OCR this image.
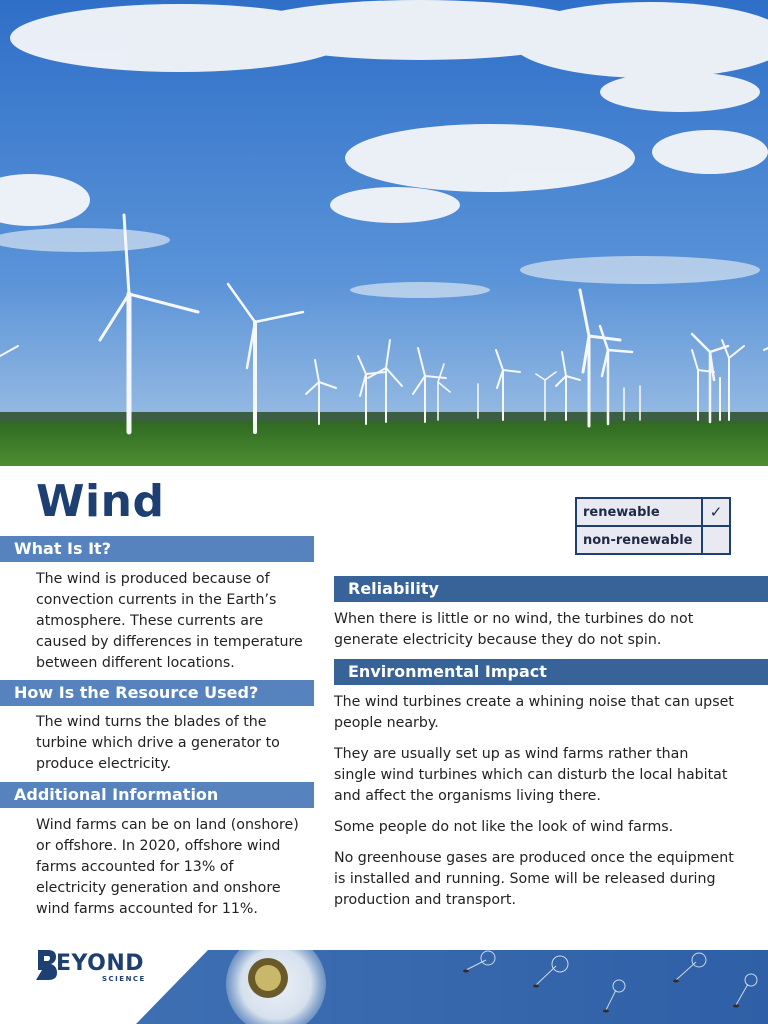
Wind	renewable	✓
non-renewable	
What Is It?

The wind is produced because of convection currents in the Earth’s atmosphere. These currents are caused by differences in temperature between different locations.

How Is the Resource Used?

The wind turns the blades of the turbine which drive a generator to produce electricity.

Additional Information

Wind farms can be on land (onshore) or offshore. In 2020, offshore wind farms accounted for 13% of electricity generation and onshore wind farms accounted for 11%.

Reliability

When there is little or no wind, the turbines do not generate electricity because they do not spin.

Environmental Impact

The wind turbines create a whining noise that can upset people nearby.

They are usually set up as wind farms rather than single wind turbines which can disturb the local habitat and affect the organisms living there.

Some people do not like the look of wind farms.

No greenhouse gases are produced once the equipment is installed and running. Some will be released during production and transport.

EYOND
SCIENCE
